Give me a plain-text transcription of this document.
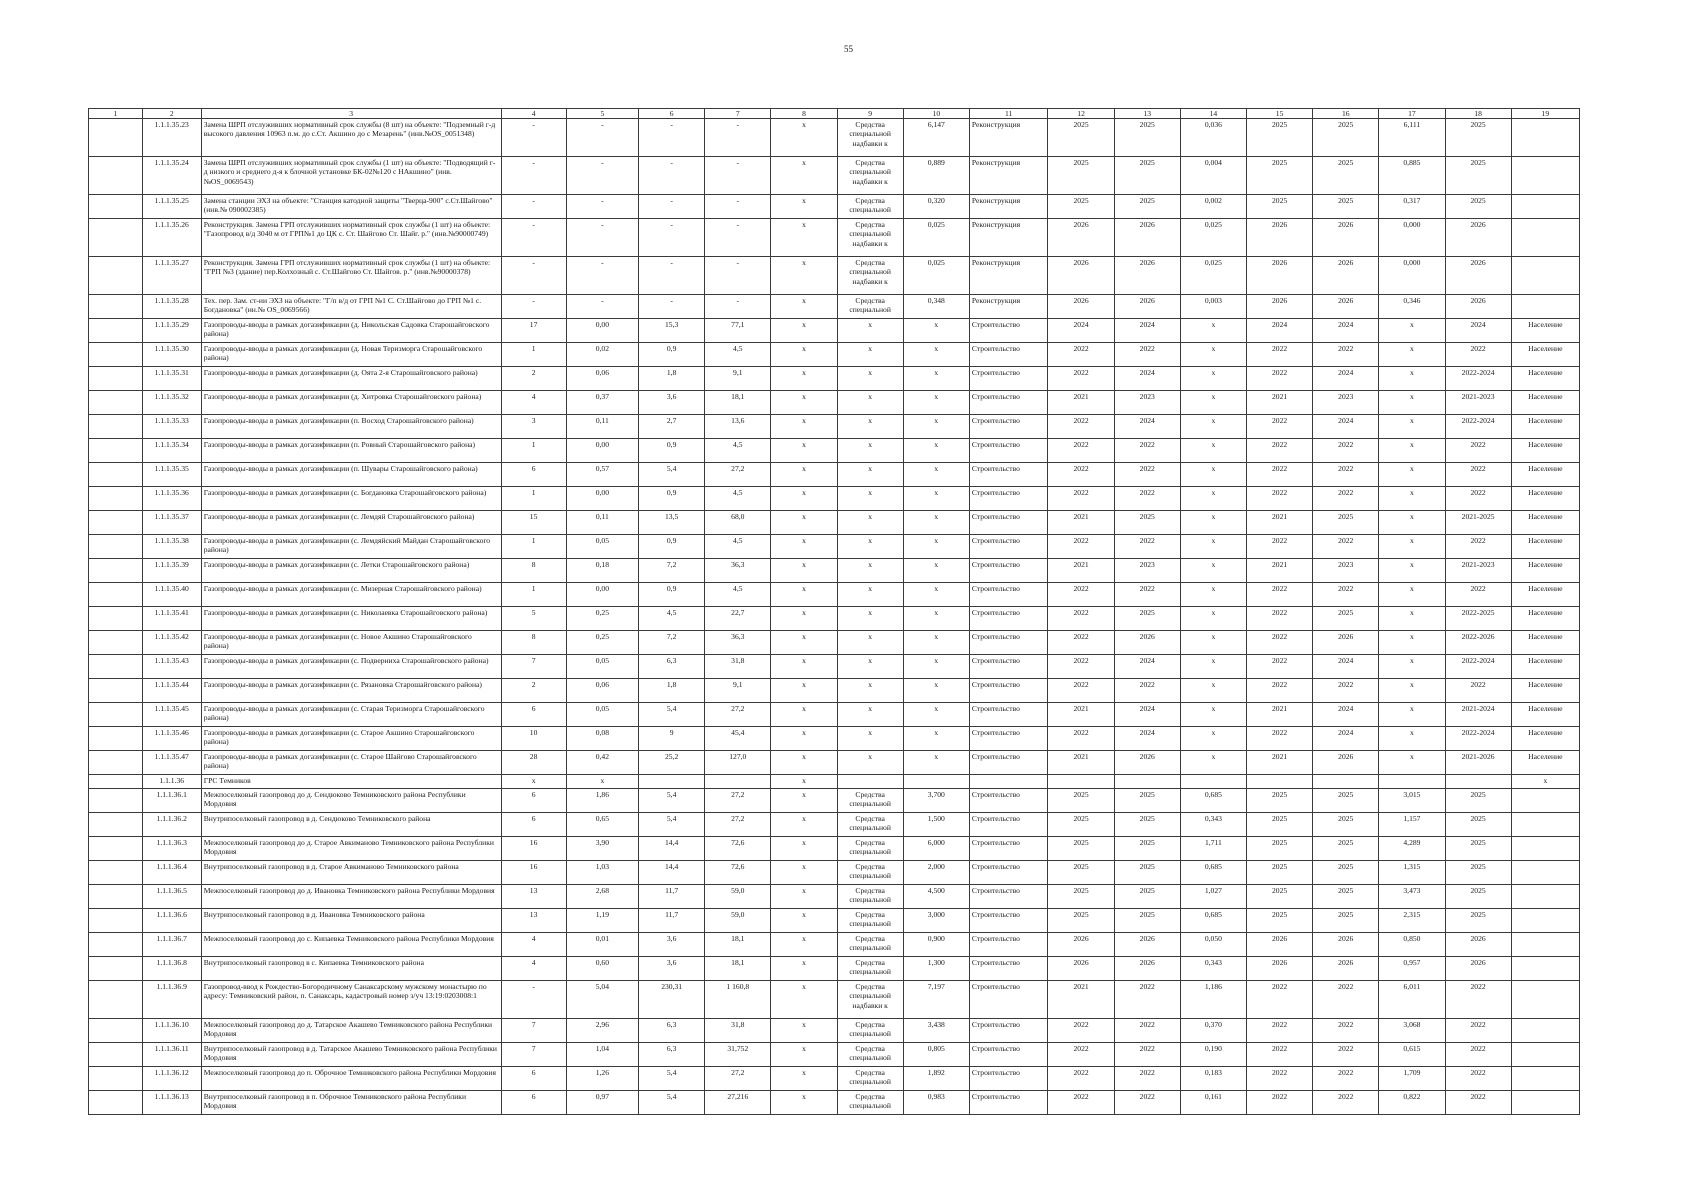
55
1	2	3	4	5	6	7	8	9	10	11	12	13	14	15	16	17	18	19
	1.1.1.35.23	Замена ШРП отслуживших нормативный срок службы (8 шт) на объекте: "Подземный г-д высокого давления 10963 п.м. до с.Ст. Акшино до с Мезарень" (инв.№OS_0051348)	-	-	-	-	х	Средства специальной надбавки к	6,147	Реконструкция	2025	2025	0,036	2025	2025	6,111	2025	
	1.1.1.35.24	Замена ШРП отслуживших нормативный срок службы (1 шт) на объекте: "Подводящий г-д низкого и среднего д-я к блочной установке БК-02№120 с НАкшино" (инв.№OS_0069543)	-	-	-	-	х	Средства специальной надбавки к	0,889	Реконструкция	2025	2025	0,004	2025	2025	0,885	2025	
	1.1.1.35.25	Замена станции ЭХЗ на объекте: "Станция катодной защиты "Тверца-900" с.Ст.Шайгово" (инв.№ 090002385)	-	-	-	-	х	Средства специальной	0,320	Реконструкция	2025	2025	0,002	2025	2025	0,317	2025	
	1.1.1.35.26	Реконструкция. Замена ГРП отслуживших нормативный срок службы (1 шт) на объекте: "Газопровод в/д 3040 м от ГРП№1 до ЦК с. Ст. Шайгово Ст. Шайг. р." (инв.№90000749)	-	-	-	-	х	Средства специальной надбавки к	0,025	Реконструкция	2026	2026	0,025	2026	2026	0,000	2026	
	1.1.1.35.27	Реконструкция. Замена ГРП отслуживших нормативный срок службы (1 шт) на объекте: "ГРП №3 (здание) пер.Колхозный с. Ст.Шайгово Ст. Шайгов. р." (инв.№90000378)	-	-	-	-	х	Средства специальной надбавки к	0,025	Реконструкция	2026	2026	0,025	2026	2026	0,000	2026	
	1.1.1.35.28	Тех. пер. Зам. ст-ии ЭХЗ на объекте: "Г/п в/д от ГРП №1 С. Ст.Шайгово до ГРП №1 с. Богдановка" (ин.№ OS_0069566)	-	-	-	-	х	Средства специальной	0,348	Реконструкция	2026	2026	0,003	2026	2026	0,346	2026	
	1.1.1.35.29	Газопроводы-вводы в рамках догазификации (д. Никольская Садовка Старошайговского района)	17	0,00	15,3	77,1	х	х	х	Строительство	2024	2024	х	2024	2024	х	2024	Население
	1.1.1.35.30	Газопроводы-вводы в рамках догазификации (д. Новая Теризморга Старошайговского района)	1	0,02	0,9	4,5	х	х	х	Строительство	2022	2022	х	2022	2022	х	2022	Население
	1.1.1.35.31	Газопроводы-вводы в рамках догазификации (д. Оята 2-я Старошайговского района)	2	0,06	1,8	9,1	х	х	х	Строительство	2022	2024	х	2022	2024	х	2022-2024	Население
	1.1.1.35.32	Газопроводы-вводы в рамках догазификации (д. Хитровка Старошайговского района)	4	0,37	3,6	18,1	х	х	х	Строительство	2021	2023	х	2021	2023	х	2021-2023	Население
	1.1.1.35.33	Газопроводы-вводы в рамках догазификации (п. Восход Старошайговского района)	3	0,11	2,7	13,6	х	х	х	Строительство	2022	2024	х	2022	2024	х	2022-2024	Население
	1.1.1.35.34	Газопроводы-вводы в рамках догазификации (п. Ровный Старошайговского района)	1	0,00	0,9	4,5	х	х	х	Строительство	2022	2022	х	2022	2022	х	2022	Население
	1.1.1.35.35	Газопроводы-вводы в рамках догазификации (п. Шувары Старошайговского района)	6	0,57	5,4	27,2	х	х	х	Строительство	2022	2022	х	2022	2022	х	2022	Население
	1.1.1.35.36	Газопроводы-вводы в рамках догазификации (с. Богдановка Старошайговского района)	1	0,00	0,9	4,5	х	х	х	Строительство	2022	2022	х	2022	2022	х	2022	Население
	1.1.1.35.37	Газопроводы-вводы в рамках догазификации (с. Лемдяй Старошайговского района)	15	0,11	13,5	68,0	х	х	х	Строительство	2021	2025	х	2021	2025	х	2021-2025	Население
	1.1.1.35.38	Газопроводы-вводы в рамках догазификации (с. Лемдяйский Майдан Старошайговского района)	1	0,05	0,9	4,5	х	х	х	Строительство	2022	2022	х	2022	2022	х	2022	Население
	1.1.1.35.39	Газопроводы-вводы в рамках догазификации (с. Летки Старошайговского района)	8	0,18	7,2	36,3	х	х	х	Строительство	2021	2023	х	2021	2023	х	2021-2023	Население
	1.1.1.35.40	Газопроводы-вводы в рамках догазификации (с. Мизерная Старошайговского района)	1	0,00	0,9	4,5	х	х	х	Строительство	2022	2022	х	2022	2022	х	2022	Население
	1.1.1.35.41	Газопроводы-вводы в рамках догазификации (с. Николаевка Старошайговского района)	5	0,25	4,5	22,7	х	х	х	Строительство	2022	2025	х	2022	2025	х	2022-2025	Население
	1.1.1.35.42	Газопроводы-вводы в рамках догазификации (с. Новое Акшино Старошайговского района)	8	0,25	7,2	36,3	х	х	х	Строительство	2022	2026	х	2022	2026	х	2022-2026	Население
	1.1.1.35.43	Газопроводы-вводы в рамках догазификации (с. Подверниха Старошайговского района)	7	0,05	6,3	31,8	х	х	х	Строительство	2022	2024	х	2022	2024	х	2022-2024	Население
	1.1.1.35.44	Газопроводы-вводы в рамках догазификации (с. Рязановка Старошайговского района)	2	0,06	1,8	9,1	х	х	х	Строительство	2022	2022	х	2022	2022	х	2022	Население
	1.1.1.35.45	Газопроводы-вводы в рамках догазификации (с. Старая Теризморга Старошайговского района)	6	0,05	5,4	27,2	х	х	х	Строительство	2021	2024	х	2021	2024	х	2021-2024	Население
	1.1.1.35.46	Газопроводы-вводы в рамках догазификации (с. Старое Акшино Старошайговского района)	10	0,08	9	45,4	х	х	х	Строительство	2022	2024	х	2022	2024	х	2022-2024	Население
	1.1.1.35.47	Газопроводы-вводы в рамках догазификации (с. Старое Шайгово Старошайговского района)	28	0,42	25,2	127,0	х	х	х	Строительство	2021	2026	х	2021	2026	х	2021-2026	Население
	1.1.1.36	ГРС Темников	х	х			х											х
	1.1.1.36.1	Межпоселковый газопровод до д. Сендюково Темниковского района Республики Мордовия	6	1,86	5,4	27,2	х	Средства специальной	3,700	Строительство	2025	2025	0,685	2025	2025	3,015	2025	
	1.1.1.36.2	Внутрипоселковый газопровод в д. Сендюково Темниковского района	6	0,65	5,4	27,2	х	Средства специальной	1,500	Строительство	2025	2025	0,343	2025	2025	1,157	2025	
	1.1.1.36.3	Межпоселковый газопровод до д. Старое Авкиманово Темниковского района Республики Мордовия	16	3,90	14,4	72,6	х	Средства специальной	6,000	Строительство	2025	2025	1,711	2025	2025	4,289	2025	
	1.1.1.36.4	Внутрипоселковый газопровод в д. Старое Авкиманово Темниковского района	16	1,03	14,4	72,6	х	Средства специальной	2,000	Строительство	2025	2025	0,685	2025	2025	1,315	2025	
	1.1.1.36.5	Межпоселковый газопровод до д. Ивановка Темниковского района Республики Мордовия	13	2,68	11,7	59,0	х	Средства специальной	4,500	Строительство	2025	2025	1,027	2025	2025	3,473	2025	
	1.1.1.36.6	Внутрипоселковый газопровод в д. Ивановка Темниковского района	13	1,19	11,7	59,0	х	Средства специальной	3,000	Строительство	2025	2025	0,685	2025	2025	2,315	2025	
	1.1.1.36.7	Межпоселковый газопровод до с. Кипаевка Темниковского района Республики Мордовия	4	0,01	3,6	18,1	х	Средства специальной	0,900	Строительство	2026	2026	0,050	2026	2026	0,850	2026	
	1.1.1.36.8	Внутрипоселковый газопровод в с. Кипаевка Темниковского района	4	0,60	3,6	18,1	х	Средства специальной	1,300	Строительство	2026	2026	0,343	2026	2026	0,957	2026	
	1.1.1.36.9	Газопровод-ввод к Рождество-Богородичному Санаксарскому мужскому монастырю по адресу: Темниковский район, п. Санаксарь, кадастровый номер з/уч 13:19:0203008:1	-	5,04	230,31	1 160,8	х	Средства специальной надбавки к	7,197	Строительство	2021	2022	1,186	2022	2022	6,011	2022	
	1.1.1.36.10	Межпоселковый газопровод до д. Татарское Акашево Темниковского района Республики Мордовия	7	2,96	6,3	31,8	х	Средства специальной	3,438	Строительство	2022	2022	0,370	2022	2022	3,068	2022	
	1.1.1.36.11	Внутрипоселковый газопровод в д. Татарское Акашево Темниковского района Республики Мордовия	7	1,04	6,3	31,752	х	Средства специальной	0,805	Строительство	2022	2022	0,190	2022	2022	0,615	2022	
	1.1.1.36.12	Межпоселковый газопровод до п. Оброчное Темниковского района Республики Мордовия	6	1,26	5,4	27,2	х	Средства специальной	1,892	Строительство	2022	2022	0,183	2022	2022	1,709	2022	
	1.1.1.36.13	Внутрипоселковый газопровод в п. Оброчное Темниковского района Республики Мордовия	6	0,97	5,4	27,216	х	Средства специальной	0,983	Строительство	2022	2022	0,161	2022	2022	0,822	2022	
